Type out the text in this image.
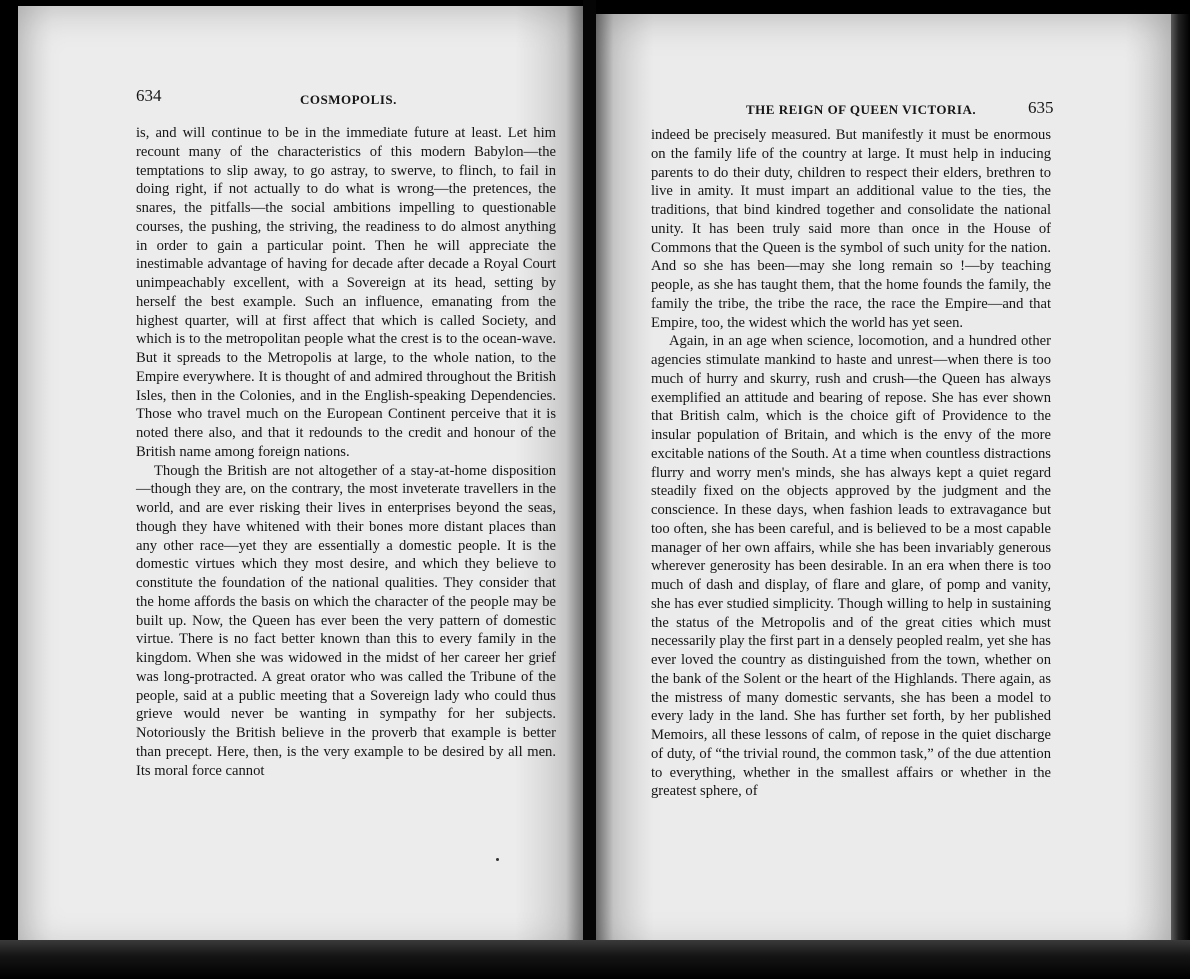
634	COSMOPOLIS.

is, and will continue to be in the immediate future at least. Let him recount many of the characteristics of this modern Babylon—the temptations to slip away, to go astray, to swerve, to flinch, to fail in doing right, if not actually to do what is wrong—the pretences, the snares, the pitfalls—the social ambitions impelling to questionable courses, the pushing, the striving, the readiness to do almost anything in order to gain a particular point. Then he will appreciate the inestimable advantage of having for decade after decade a Royal Court unimpeachably excellent, with a Sovereign at its head, setting by herself the best example. Such an influence, emanating from the highest quarter, will at first affect that which is called Society, and which is to the metropolitan people what the crest is to the ocean-wave. But it spreads to the Metropolis at large, to the whole nation, to the Empire everywhere. It is thought of and admired throughout the British Isles, then in the Colonies, and in the English-speaking Dependencies. Those who travel much on the European Continent perceive that it is noted there also, and that it redounds to the credit and honour of the British name among foreign nations.

Though the British are not altogether of a stay-at-home disposition—though they are, on the contrary, the most inveterate travellers in the world, and are ever risking their lives in enterprises beyond the seas, though they have whitened with their bones more distant places than any other race—yet they are essentially a domestic people. It is the domestic virtues which they most desire, and which they believe to constitute the foundation of the national qualities. They consider that the home affords the basis on which the character of the people may be built up. Now, the Queen has ever been the very pattern of domestic virtue. There is no fact better known than this to every family in the kingdom. When she was widowed in the midst of her career her grief was long-protracted. A great orator who was called the Tribune of the people, said at a public meeting that a Sovereign lady who could thus grieve would never be wanting in sympathy for her subjects. Notoriously the British believe in the proverb that example is better than precept. Here, then, is the very example to be desired by all men. Its moral force cannot

THE REIGN OF QUEEN VICTORIA.	635

indeed be precisely measured. But manifestly it must be enormous on the family life of the country at large. It must help in inducing parents to do their duty, children to respect their elders, brethren to live in amity. It must impart an additional value to the ties, the traditions, that bind kindred together and consolidate the national unity. It has been truly said more than once in the House of Commons that the Queen is the symbol of such unity for the nation. And so she has been—may she long remain so !—by teaching people, as she has taught them, that the home founds the family, the family the tribe, the tribe the race, the race the Empire—and that Empire, too, the widest which the world has yet seen.

Again, in an age when science, locomotion, and a hundred other agencies stimulate mankind to haste and unrest—when there is too much of hurry and skurry, rush and crush—the Queen has always exemplified an attitude and bearing of repose. She has ever shown that British calm, which is the choice gift of Providence to the insular population of Britain, and which is the envy of the more excitable nations of the South. At a time when countless distractions flurry and worry men's minds, she has always kept a quiet regard steadily fixed on the objects approved by the judgment and the conscience. In these days, when fashion leads to extravagance but too often, she has been careful, and is believed to be a most capable manager of her own affairs, while she has been invariably generous wherever generosity has been desirable. In an era when there is too much of dash and display, of flare and glare, of pomp and vanity, she has ever studied simplicity. Though willing to help in sustaining the status of the Metropolis and of the great cities which must necessarily play the first part in a densely peopled realm, yet she has ever loved the country as distinguished from the town, whether on the bank of the Solent or the heart of the Highlands. There again, as the mistress of many domestic servants, she has been a model to every lady in the land. She has further set forth, by her published Memoirs, all these lessons of calm, of repose in the quiet discharge of duty, of “the trivial round, the common task,” of the due attention to everything, whether in the smallest affairs or whether in the greatest sphere, of
